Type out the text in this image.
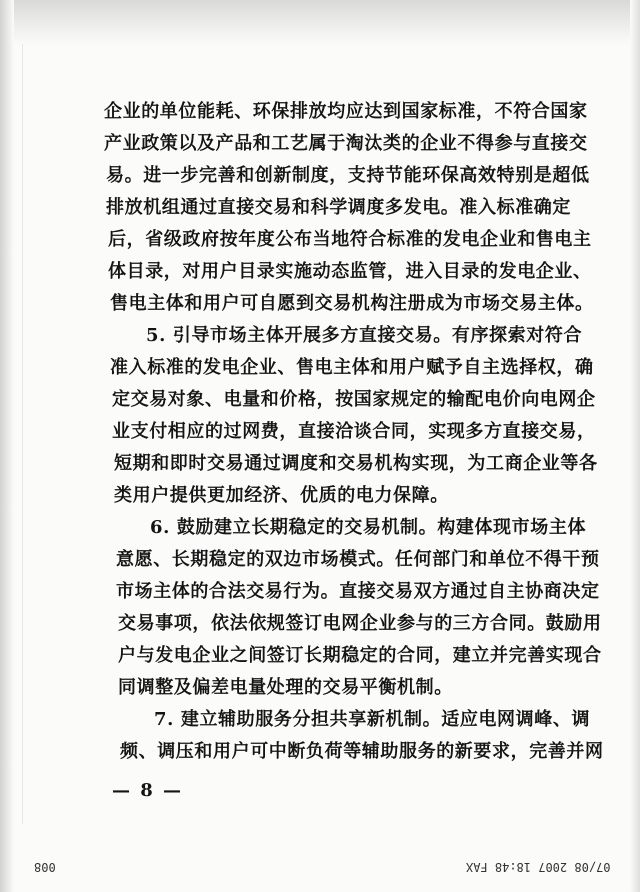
企业的单位能耗、环保排放均应达到国家标准，不符合国家
产业政策以及产品和工艺属于淘汰类的企业不得参与直接交
易。进一步完善和创新制度，支持节能环保高效特别是超低
排放机组通过直接交易和科学调度多发电。准入标准确定
后，省级政府按年度公布当地符合标准的发电企业和售电主
体目录，对用户目录实施动态监管，进入目录的发电企业、
售电主体和用户可自愿到交易机构注册成为市场交易主体。
5. 引导市场主体开展多方直接交易。有序探索对符合
准入标准的发电企业、售电主体和用户赋予自主选择权，确
定交易对象、电量和价格，按国家规定的输配电价向电网企
业支付相应的过网费，直接洽谈合同，实现多方直接交易，
短期和即时交易通过调度和交易机构实现，为工商企业等各
类用户提供更加经济、优质的电力保障。
6. 鼓励建立长期稳定的交易机制。构建体现市场主体
意愿、长期稳定的双边市场模式。任何部门和单位不得干预
市场主体的合法交易行为。直接交易双方通过自主协商决定
交易事项，依法依规签订电网企业参与的三方合同。鼓励用
户与发电企业之间签订长期稳定的合同，建立并完善实现合
同调整及偏差电量处理的交易平衡机制。
7. 建立辅助服务分担共享新机制。适应电网调峰、调
频、调压和用户可中断负荷等辅助服务的新要求，完善并网
— 8 —
008	07/08 2007 18:48 FAX
